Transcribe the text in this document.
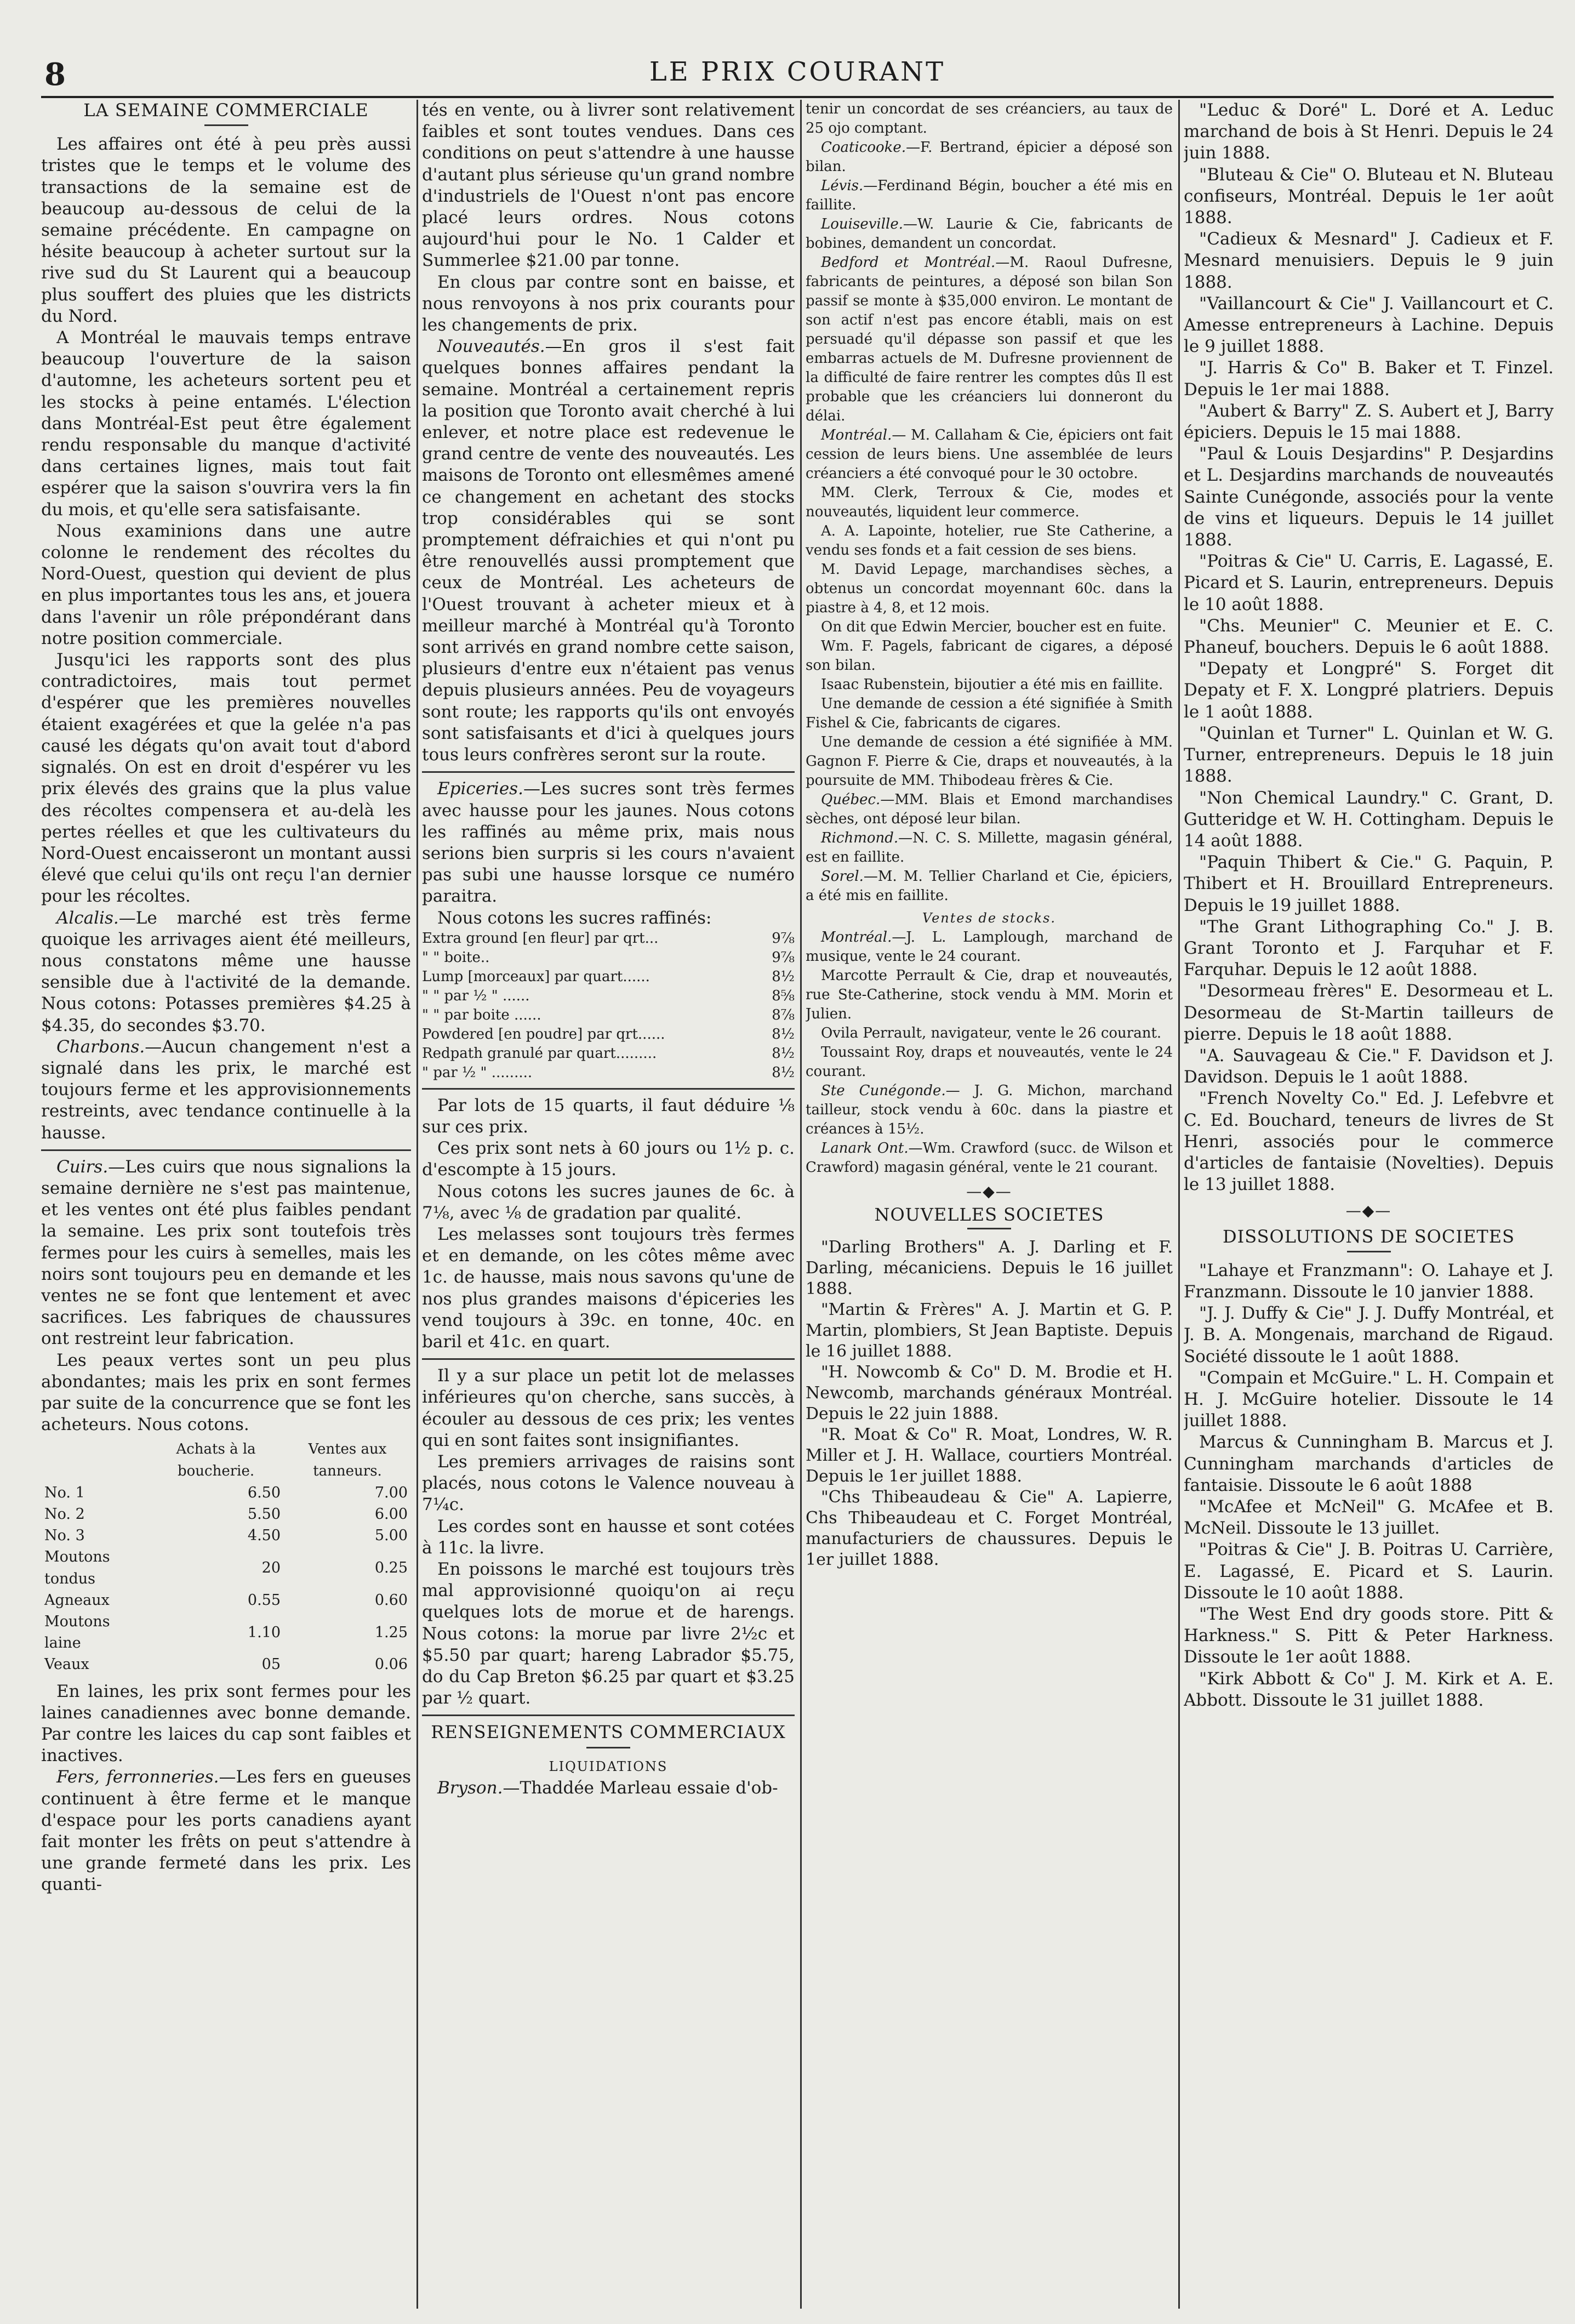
8	LE PRIX COURANT
LA SEMAINE COMMERCIALE

Les affaires ont été à peu près aussi tristes que le temps et le volume des transactions de la semaine est de beaucoup au-dessous de celui de la semaine précédente. En campagne on hésite beaucoup à acheter surtout sur la rive sud du St Laurent qui a beaucoup plus souffert des pluies que les districts du Nord.

A Montréal le mauvais temps entrave beaucoup l'ouverture de la saison d'automne, les acheteurs sortent peu et les stocks à peine entamés. L'élection dans Montréal-Est peut être également rendu responsable du manque d'activité dans certaines lignes, mais tout fait espérer que la saison s'ouvrira vers la fin du mois, et qu'elle sera satisfaisante.

Nous examinions dans une autre colonne le rendement des récoltes du Nord-Ouest, question qui devient de plus en plus importantes tous les ans, et jouera dans l'avenir un rôle prépondérant dans notre position commerciale.

Jusqu'ici les rapports sont des plus contradictoires, mais tout permet d'espérer que les premières nouvelles étaient exagérées et que la gelée n'a pas causé les dégats qu'on avait tout d'abord signalés. On est en droit d'espérer vu les prix élevés des grains que la plus value des récoltes compensera et au-delà les pertes réelles et que les cultivateurs du Nord-Ouest encaisseront un montant aussi élevé que celui qu'ils ont reçu l'an dernier pour les récoltes.

Alcalis.—Le marché est très ferme quoique les arrivages aient été meilleurs, nous constatons même une hausse sensible due à l'activité de la demande. Nous cotons: Potasses premières $4.25 à $4.35, do secondes $3.70.

Charbons.—Aucun changement n'est a signalé dans les prix, le marché est toujours ferme et les approvisionnements restreints, avec tendance continuelle à la hausse.

Cuirs.—Les cuirs que nous signalions la semaine dernière ne s'est pas maintenue, et les ventes ont été plus faibles pendant la semaine. Les prix sont toutefois très fermes pour les cuirs à semelles, mais les noirs sont toujours peu en demande et les ventes ne se font que lentement et avec sacrifices. Les fabriques de chaussures ont restreint leur fabrication.

Les peaux vertes sont un peu plus abondantes; mais les prix en sont fermes par suite de la concurrence que se font les acheteurs. Nous cotons.

	Achats à la boucherie.	Ventes aux tanneurs.
No. 1	6.50	7.00
No. 2	5.50	6.00
No. 3	4.50	5.00
Moutons tondus	20	0.25
Agneaux	0.55	0.60
Moutons laine	1.10	1.25
Veaux	05	0.06

En laines, les prix sont fermes pour les laines canadiennes avec bonne demande. Par contre les laices du cap sont faibles et inactives.

Fers, ferronneries.—Les fers en gueuses continuent à être ferme et le manque d'espace pour les ports canadiens ayant fait monter les frêts on peut s'attendre à une grande fermeté dans les prix. Les quanti-

tés en vente, ou à livrer sont relativement faibles et sont toutes vendues. Dans ces conditions on peut s'attendre à une hausse d'autant plus sérieuse qu'un grand nombre d'industriels de l'Ouest n'ont pas encore placé leurs ordres. Nous cotons aujourd'hui pour le No. 1 Calder et Summerlee $21.00 par tonne.

En clous par contre sont en baisse, et nous renvoyons à nos prix courants pour les changements de prix.

Nouveautés.—En gros il s'est fait quelques bonnes affaires pendant la semaine. Montréal a certainement repris la position que Toronto avait cherché à lui enlever, et notre place est redevenue le grand centre de vente des nouveautés. Les maisons de Toronto ont ellesmêmes amené ce changement en achetant des stocks trop considérables qui se sont promptement défraichies et qui n'ont pu être renouvellés aussi promptement que ceux de Montréal. Les acheteurs de l'Ouest trouvant à acheter mieux et à meilleur marché à Montréal qu'à Toronto sont arrivés en grand nombre cette saison, plusieurs d'entre eux n'étaient pas venus depuis plusieurs années. Peu de voyageurs sont route; les rapports qu'ils ont envoyés sont satisfaisants et d'ici à quelques jours tous leurs confrères seront sur la route.

Epiceries.—Les sucres sont très fermes avec hausse pour les jaunes. Nous cotons les raffinés au même prix, mais nous serions bien surpris si les cours n'avaient pas subi une hausse lorsque ce numéro paraitra.

Nous cotons les sucres raffinés:

Extra ground [en fleur] par qrt...	9⅞
" " boite..	9⅞
Lump [morceaux] par quart......	8½
" " par ½ " ......	8⅝
" " par boite ......	8⅞
Powdered [en poudre] par qrt......	8½
Redpath granulé par quart.........	8½
" par ½ " .........	8½

Par lots de 15 quarts, il faut déduire ⅛ sur ces prix.

Ces prix sont nets à 60 jours ou 1½ p. c. d'escompte à 15 jours.

Nous cotons les sucres jaunes de 6c. à 7⅛, avec ⅛ de gradation par qualité.

Les melasses sont toujours très fermes et en demande, on les côtes même avec 1c. de hausse, mais nous savons qu'une de nos plus grandes maisons d'épiceries les vend toujours à 39c. en tonne, 40c. en baril et 41c. en quart.

Il y a sur place un petit lot de melasses inférieures qu'on cherche, sans succès, à écouler au dessous de ces prix; les ventes qui en sont faites sont insignifiantes.

Les premiers arrivages de raisins sont placés, nous cotons le Valence nouveau à 7¼c.

Les cordes sont en hausse et sont cotées à 11c. la livre.

En poissons le marché est toujours très mal approvisionné quoiqu'on ai reçu quelques lots de morue et de harengs. Nous cotons: la morue par livre 2½c et $5.50 par quart; hareng Labrador $5.75, do du Cap Breton $6.25 par quart et $3.25 par ½ quart.

RENSEIGNEMENTS COMMERCIAUX
LIQUIDATIONS

Bryson.—Thaddée Marleau essaie d'ob-

tenir un concordat de ses créanciers, au taux de 25 ojo comptant.

Coaticooke.—F. Bertrand, épicier a déposé son bilan.

Lévis.—Ferdinand Bégin, boucher a été mis en faillite.

Louiseville.—W. Laurie & Cie, fabricants de bobines, demandent un concordat.

Bedford et Montréal.—M. Raoul Dufresne, fabricants de peintures, a déposé son bilan Son passif se monte à $35,000 environ. Le montant de son actif n'est pas encore établi, mais on est persuadé qu'il dépasse son passif et que les embarras actuels de M. Dufresne proviennent de la difficulté de faire rentrer les comptes dûs Il est probable que les créanciers lui donneront du délai.

Montréal.— M. Callaham & Cie, épiciers ont fait cession de leurs biens. Une assemblée de leurs créanciers a été convoqué pour le 30 octobre.

MM. Clerk, Terroux & Cie, modes et nouveautés, liquident leur commerce.

A. A. Lapointe, hotelier, rue Ste Catherine, a vendu ses fonds et a fait cession de ses biens.

M. David Lepage, marchandises sèches, a obtenus un concordat moyennant 60c. dans la piastre à 4, 8, et 12 mois.

On dit que Edwin Mercier, boucher est en fuite.

Wm. F. Pagels, fabricant de cigares, a déposé son bilan.

Isaac Rubenstein, bijoutier a été mis en faillite.

Une demande de cession a été signifiée à Smith Fishel & Cie, fabricants de cigares.

Une demande de cession a été signifiée à MM. Gagnon F. Pierre & Cie, draps et nouveautés, à la poursuite de MM. Thibodeau frères & Cie.

Québec.—MM. Blais et Emond marchandises sèches, ont déposé leur bilan.

Richmond.—N. C. S. Millette, magasin général, est en faillite.

Sorel.—M. M. Tellier Charland et Cie, épiciers, a été mis en faillite.

Ventes de stocks.

Montréal.—J. L. Lamplough, marchand de musique, vente le 24 courant.

Marcotte Perrault & Cie, drap et nouveautés, rue Ste-Catherine, stock vendu à MM. Morin et Julien.

Ovila Perrault, navigateur, vente le 26 courant.

Toussaint Roy, draps et nouveautés, vente le 24 courant.

Ste Cunégonde.— J. G. Michon, marchand tailleur, stock vendu à 60c. dans la piastre et créances à 15½.

Lanark Ont.—Wm. Crawford (succ. de Wilson et Crawford) magasin général, vente le 21 courant.

—◆—
NOUVELLES SOCIETES

"Darling Brothers" A. J. Darling et F. Darling, mécaniciens. Depuis le 16 juillet 1888.

"Martin & Frères" A. J. Martin et G. P. Martin, plombiers, St Jean Baptiste. Depuis le 16 juillet 1888.

"H. Nowcomb & Co" D. M. Brodie et H. Newcomb, marchands généraux Montréal. Depuis le 22 juin 1888.

"R. Moat & Co" R. Moat, Londres, W. R. Miller et J. H. Wallace, courtiers Montréal. Depuis le 1er juillet 1888.

"Chs Thibeaudeau & Cie" A. Lapierre, Chs Thibeaudeau et C. Forget Montréal, manufacturiers de chaussures. Depuis le 1er juillet 1888.

"Leduc & Doré" L. Doré et A. Leduc marchand de bois à St Henri. Depuis le 24 juin 1888.

"Bluteau & Cie" O. Bluteau et N. Bluteau confiseurs, Montréal. Depuis le 1er août 1888.

"Cadieux & Mesnard" J. Cadieux et F. Mesnard menuisiers. Depuis le 9 juin 1888.

"Vaillancourt & Cie" J. Vaillancourt et C. Amesse entrepreneurs à Lachine. Depuis le 9 juillet 1888.

"J. Harris & Co" B. Baker et T. Finzel. Depuis le 1er mai 1888.

"Aubert & Barry" Z. S. Aubert et J, Barry épiciers. Depuis le 15 mai 1888.

"Paul & Louis Desjardins" P. Desjardins et L. Desjardins marchands de nouveautés Sainte Cunégonde, associés pour la vente de vins et liqueurs. Depuis le 14 juillet 1888.

"Poitras & Cie" U. Carris, E. Lagassé, E. Picard et S. Laurin, entrepreneurs. Depuis le 10 août 1888.

"Chs. Meunier" C. Meunier et E. C. Phaneuf, bouchers. Depuis le 6 août 1888.

"Depaty et Longpré" S. Forget dit Depaty et F. X. Longpré platriers. Depuis le 1 août 1888.

"Quinlan et Turner" L. Quinlan et W. G. Turner, entrepreneurs. Depuis le 18 juin 1888.

"Non Chemical Laundry." C. Grant, D. Gutteridge et W. H. Cottingham. Depuis le 14 août 1888.

"Paquin Thibert & Cie." G. Paquin, P. Thibert et H. Brouillard Entrepreneurs. Depuis le 19 juillet 1888.

"The Grant Lithographing Co." J. B. Grant Toronto et J. Farquhar et F. Farquhar. Depuis le 12 août 1888.

"Desormeau frères" E. Desormeau et L. Desormeau de St-Martin tailleurs de pierre. Depuis le 18 août 1888.

"A. Sauvageau & Cie." F. Davidson et J. Davidson. Depuis le 1 août 1888.

"French Novelty Co." Ed. J. Lefebvre et C. Ed. Bouchard, teneurs de livres de St Henri, associés pour le commerce d'articles de fantaisie (Novelties). Depuis le 13 juillet 1888.

—◆—
DISSOLUTIONS DE SOCIETES

"Lahaye et Franzmann": O. Lahaye et J. Franzmann. Dissoute le 10 janvier 1888.

"J. J. Duffy & Cie" J. J. Duffy Montréal, et J. B. A. Mongenais, marchand de Rigaud. Société dissoute le 1 août 1888.

"Compain et McGuire." L. H. Compain et H. J. McGuire hotelier. Dissoute le 14 juillet 1888.

Marcus & Cunningham B. Marcus et J. Cunningham marchands d'articles de fantaisie. Dissoute le 6 août 1888

"McAfee et McNeil" G. McAfee et B. McNeil. Dissoute le 13 juillet.

"Poitras & Cie" J. B. Poitras U. Carrière, E. Lagassé, E. Picard et S. Laurin. Dissoute le 10 août 1888.

"The West End dry goods store. Pitt & Harkness." S. Pitt & Peter Harkness. Dissoute le 1er août 1888.

"Kirk Abbott & Co" J. M. Kirk et A. E. Abbott. Dissoute le 31 juillet 1888.
